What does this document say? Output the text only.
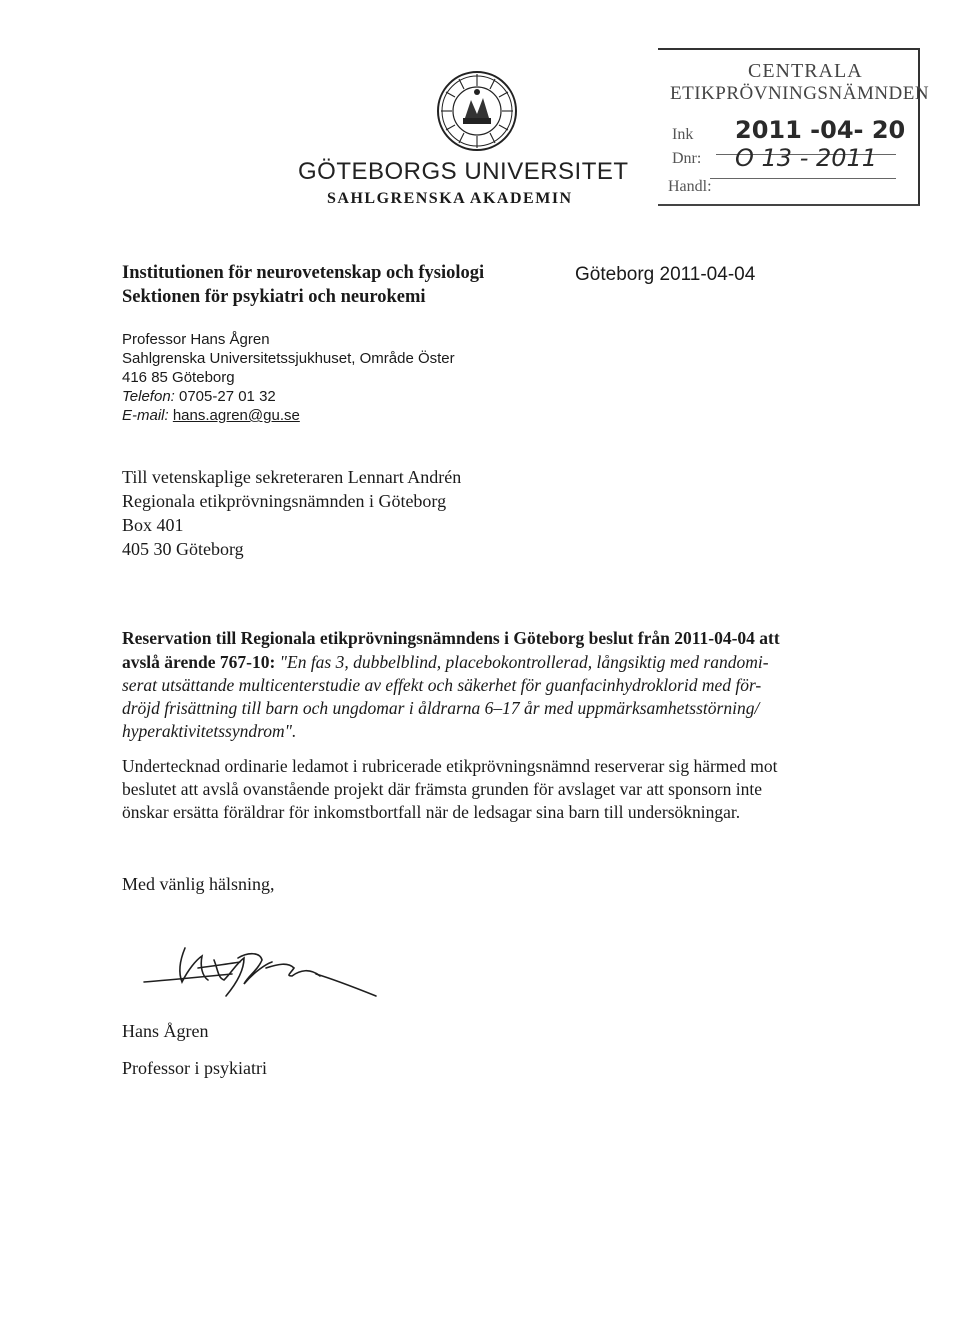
GÖTEBORGS UNIVERSITET
SAHLGRENSKA AKADEMIN
CENTRALA
ETIKPRÖVNINGSNÄMNDEN
Ink 2011 -04- 20
Dnr: O 13 - 2011
Handl:
Institutionen för neurovetenskap och fysiologi
Sektionen för psykiatri och neurokemi
Göteborg 2011-04-04
Professor Hans Ågren
Sahlgrenska Universitetssjukhuset, Område Öster
416 85 Göteborg
Telefon: 0705-27 01 32
E-mail: hans.agren@gu.se
Till vetenskaplige sekreteraren Lennart Andrén
Regionala etikprövningsnämnden i Göteborg
Box 401
405 30 Göteborg
Reservation till Regionala etikprövningsnämndens i Göteborg beslut från 2011-04-04 att
avslå ärende 767-10: "En fas 3, dubbelblind, placebokontrollerad, långsiktig med randomi-
serat utsättande multicenterstudie av effekt och säkerhet för guanfacinhydroklorid med för-
dröjd frisättning till barn och ungdomar i åldrarna 6–17 år med uppmärksamhetsstörning/
hyperaktivitetssyndrom".
Undertecknad ordinarie ledamot i rubricerade etikprövningsnämnd reserverar sig härmed mot
beslutet att avslå ovanstående projekt där främsta grunden för avslaget var att sponsorn inte
önskar ersätta föräldrar för inkomstbortfall när de ledsagar sina barn till undersökningar.
Med vänlig hälsning,
Hans Ågren
Professor i psykiatri
